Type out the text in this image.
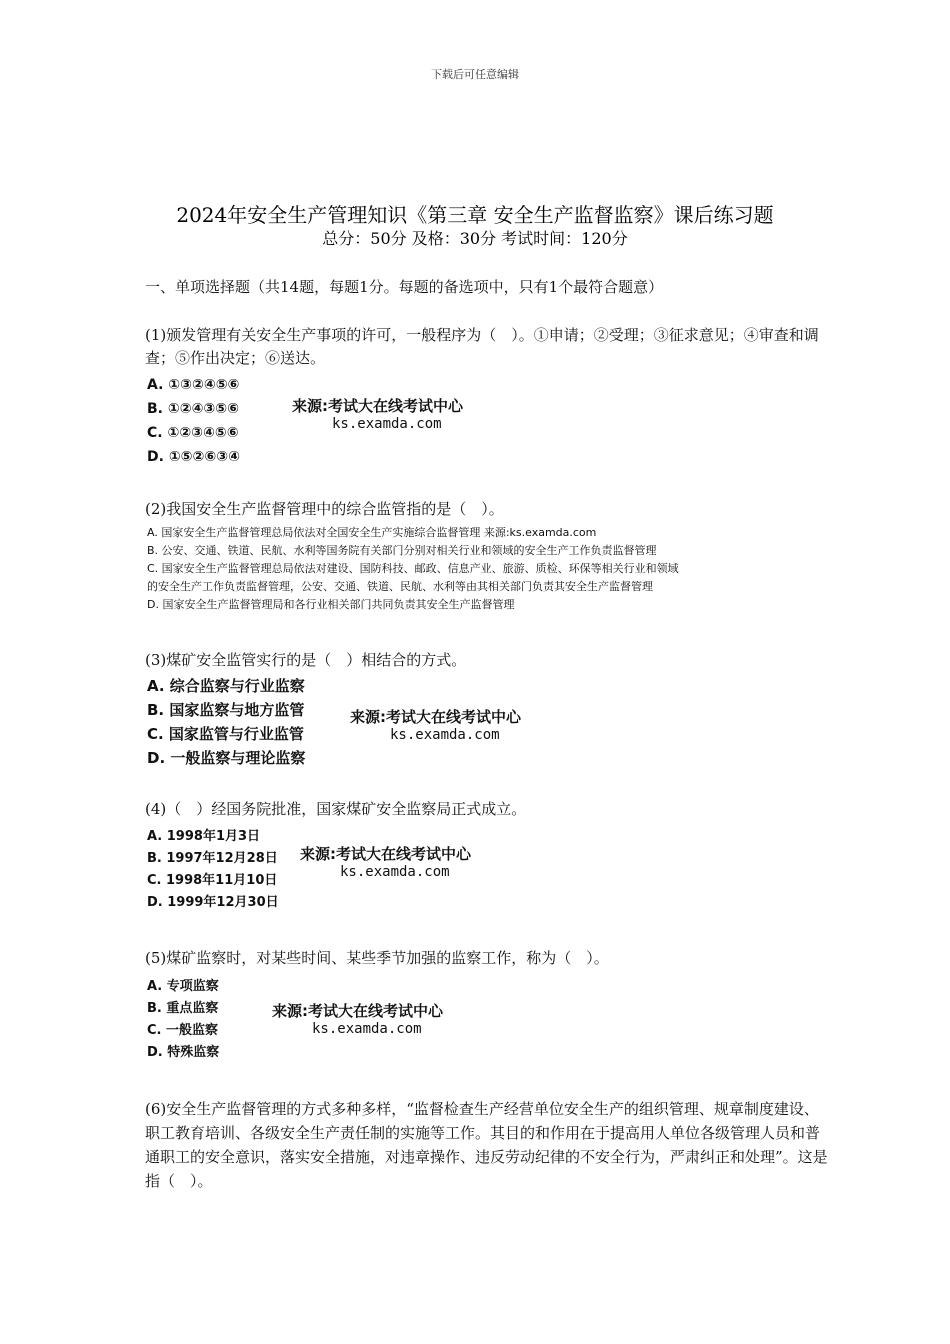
下载后可任意编辑
2024年安全生产管理知识《第三章 安全生产监督监察》课后练习题
总分：50分 及格：30分 考试时间：120分
一、单项选择题（共14题，每题1分。每题的备选项中，只有1个最符合题意）
(1)颁发管理有关安全生产事项的许可，一般程序为（　）。①申请；②受理；③征求意见；④审查和调查；⑤作出决定；⑥送达。
A. ①③②④⑤⑥
B. ①②④③⑤⑥
C. ①②③④⑤⑥
D. ①⑤②⑥③④
来源:考试大在线考试中心
ks.examda.com
(2)我国安全生产监督管理中的综合监管指的是（　）。
A. 国家安全生产监督管理总局依法对全国安全生产实施综合监督管理 来源:ks.examda.com
B. 公安、交通、铁道、民航、水利等国务院有关部门分别对相关行业和领域的安全生产工作负责监督管理
C. 国家安全生产监督管理总局依法对建设、国防科技、邮政、信息产业、旅游、质检、环保等相关行业和领域
的安全生产工作负责监督管理，公安、交通、铁道、民航、水利等由其相关部门负责其安全生产监督管理
D. 国家安全生产监督管理局和各行业相关部门共同负责其安全生产监督管理
(3)煤矿安全监管实行的是（　）相结合的方式。
A. 综合监察与行业监察
B. 国家监察与地方监管
C. 国家监管与行业监管
D. 一般监察与理论监察
来源:考试大在线考试中心
ks.examda.com
(4)（　）经国务院批准，国家煤矿安全监察局正式成立。
A. 1998年1月3日
B. 1997年12月28日
C. 1998年11月10日
D. 1999年12月30日
来源:考试大在线考试中心
ks.examda.com
(5)煤矿监察时，对某些时间、某些季节加强的监察工作，称为（　）。
A. 专项监察
B. 重点监察
C. 一般监察
D. 特殊监察
来源:考试大在线考试中心
ks.examda.com
(6)安全生产监督管理的方式多种多样，“监督检查生产经营单位安全生产的组织管理、规章制度建设、职工教育培训、各级安全生产责任制的实施等工作。其目的和作用在于提高用人单位各级管理人员和普通职工的安全意识，落实安全措施，对违章操作、违反劳动纪律的不安全行为，严肃纠正和处理”。这是指（　）。
